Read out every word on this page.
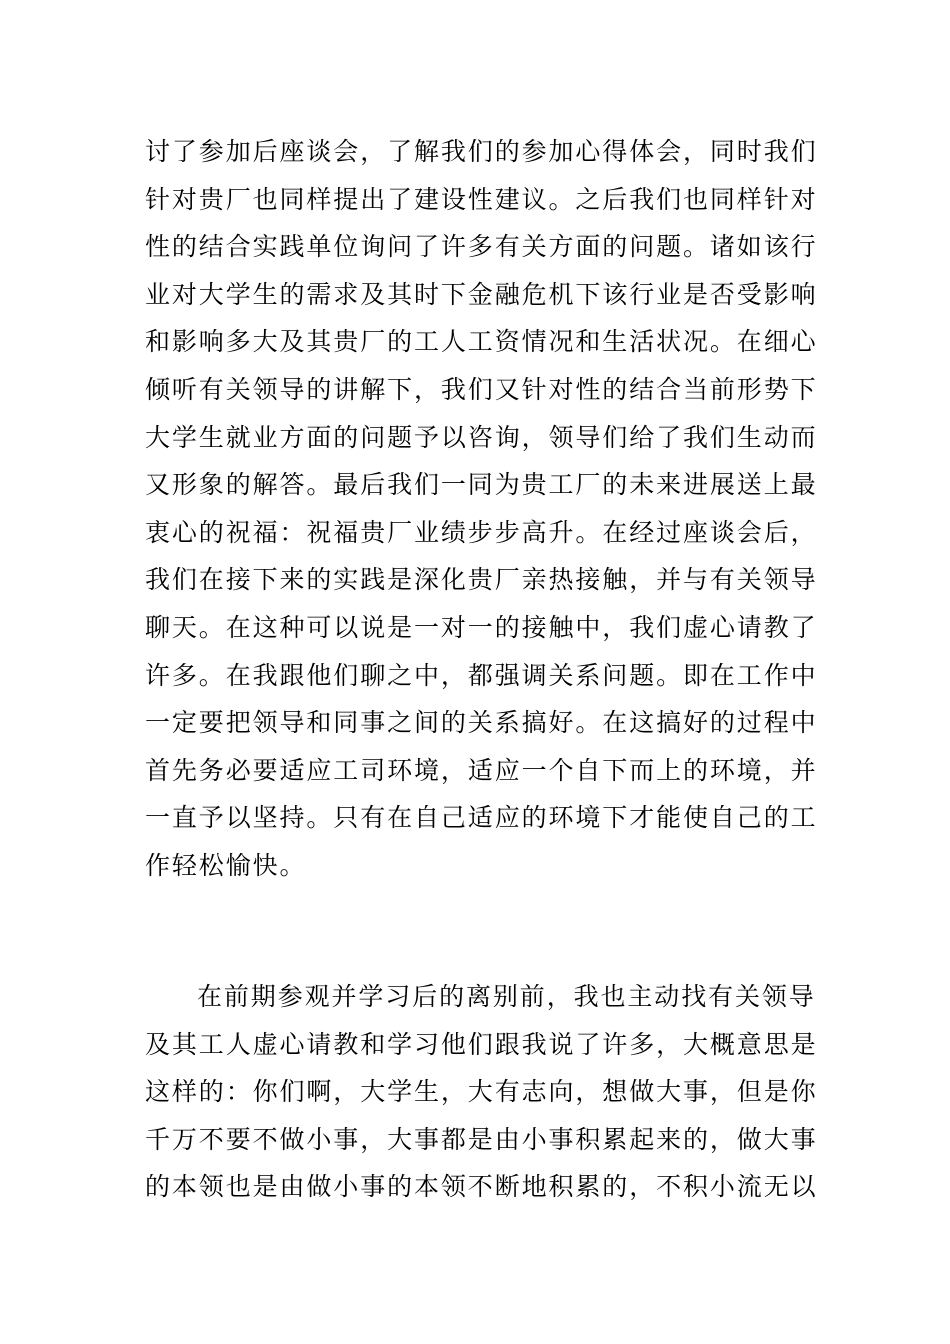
讨了参加后座谈会，了解我们的参加心得体会，同时我们
针对贵厂也同样提出了建设性建议。之后我们也同样针对
性的结合实践单位询问了许多有关方面的问题。诸如该行
业对大学生的需求及其时下金融危机下该行业是否受影响
和影响多大及其贵厂的工人工资情况和生活状况。在细心
倾听有关领导的讲解下，我们又针对性的结合当前形势下
大学生就业方面的问题予以咨询，领导们给了我们生动而
又形象的解答。最后我们一同为贵工厂的未来进展送上最
衷心的祝福：祝福贵厂业绩步步高升。在经过座谈会后，
我们在接下来的实践是深化贵厂亲热接触，并与有关领导
聊天。在这种可以说是一对一的接触中，我们虚心请教了
许多。在我跟他们聊之中，都强调关系问题。即在工作中
一定要把领导和同事之间的关系搞好。在这搞好的过程中
首先务必要适应工司环境，适应一个自下而上的环境，并
一直予以坚持。只有在自己适应的环境下才能使自己的工
作轻松愉快。
在前期参观并学习后的离别前，我也主动找有关领导
及其工人虚心请教和学习他们跟我说了许多，大概意思是
这样的：你们啊，大学生，大有志向，想做大事，但是你
千万不要不做小事，大事都是由小事积累起来的，做大事
的本领也是由做小事的本领不断地积累的，不积小流无以
